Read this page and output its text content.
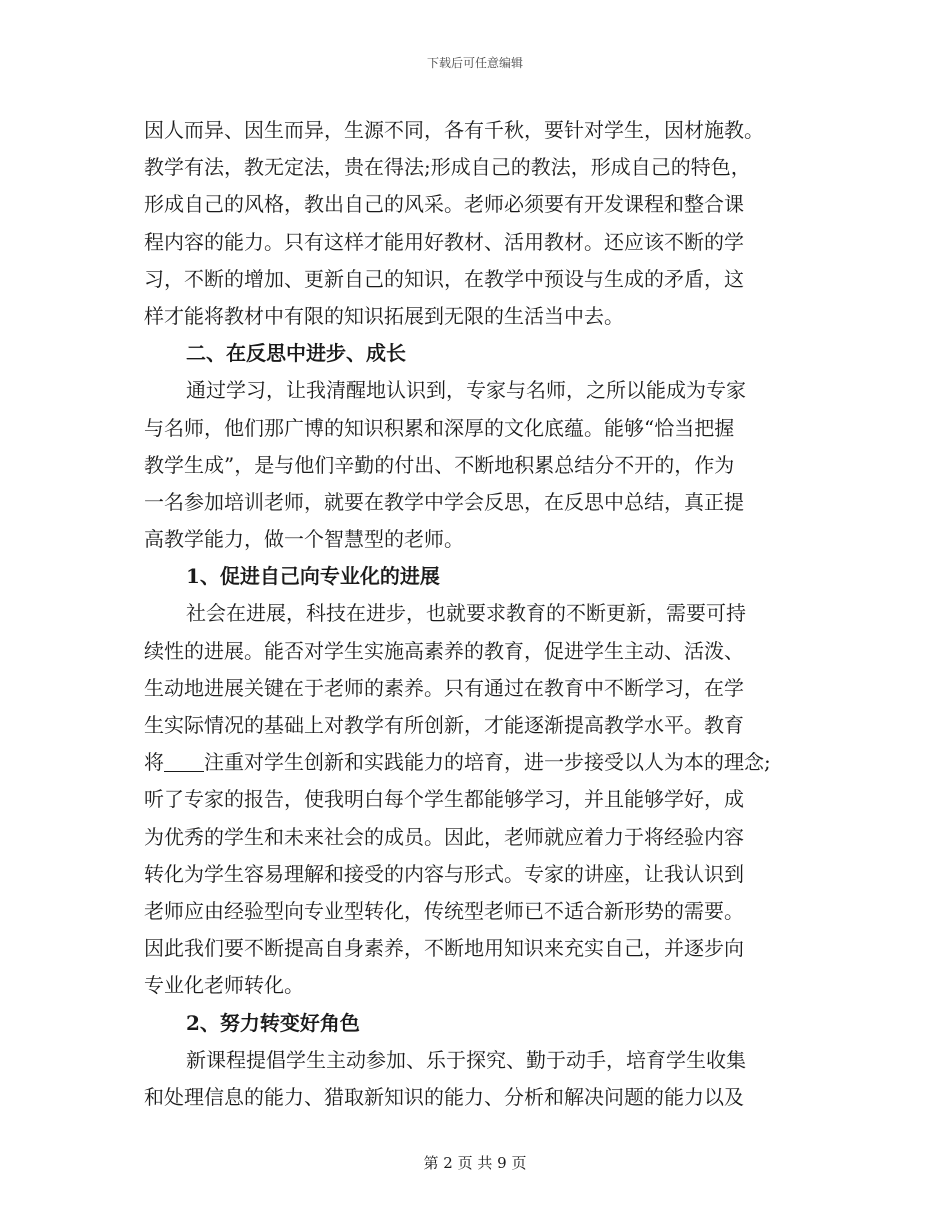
下载后可任意编辑
因人而异、因生而异，生源不同，各有千秋，要针对学生，因材施教。
教学有法，教无定法，贵在得法;形成自己的教法，形成自己的特色，
形成自己的风格，教出自己的风采。老师必须要有开发课程和整合课
程内容的能力。只有这样才能用好教材、活用教材。还应该不断的学
习，不断的增加、更新自己的知识，在教学中预设与生成的矛盾，这
样才能将教材中有限的知识拓展到无限的生活当中去。
二、在反思中进步、成长
通过学习，让我清醒地认识到，专家与名师，之所以能成为专家
与名师，他们那广博的知识积累和深厚的文化底蕴。能够“恰当把握
教学生成”，是与他们辛勤的付出、不断地积累总结分不开的，作为
一名参加培训老师，就要在教学中学会反思，在反思中总结，真正提
高教学能力，做一个智慧型的老师。
1、促进自己向专业化的进展
社会在进展，科技在进步，也就要求教育的不断更新，需要可持
续性的进展。能否对学生实施高素养的教育，促进学生主动、活泼、
生动地进展关键在于老师的素养。只有通过在教育中不断学习，在学
生实际情况的基础上对教学有所创新，才能逐渐提高教学水平。教育
将 注重对学生创新和实践能力的培育，进一步接受以人为本的理念;
听了专家的报告，使我明白每个学生都能够学习，并且能够学好，成
为优秀的学生和未来社会的成员。因此，老师就应着力于将经验内容
转化为学生容易理解和接受的内容与形式。专家的讲座，让我认识到
老师应由经验型向专业型转化，传统型老师已不适合新形势的需要。
因此我们要不断提高自身素养，不断地用知识来充实自己，并逐步向
专业化老师转化。
2、努力转变好角色
新课程提倡学生主动参加、乐于探究、勤于动手，培育学生收集
和处理信息的能力、猎取新知识的能力、分析和解决问题的能力以及
第 2 页 共 9 页
